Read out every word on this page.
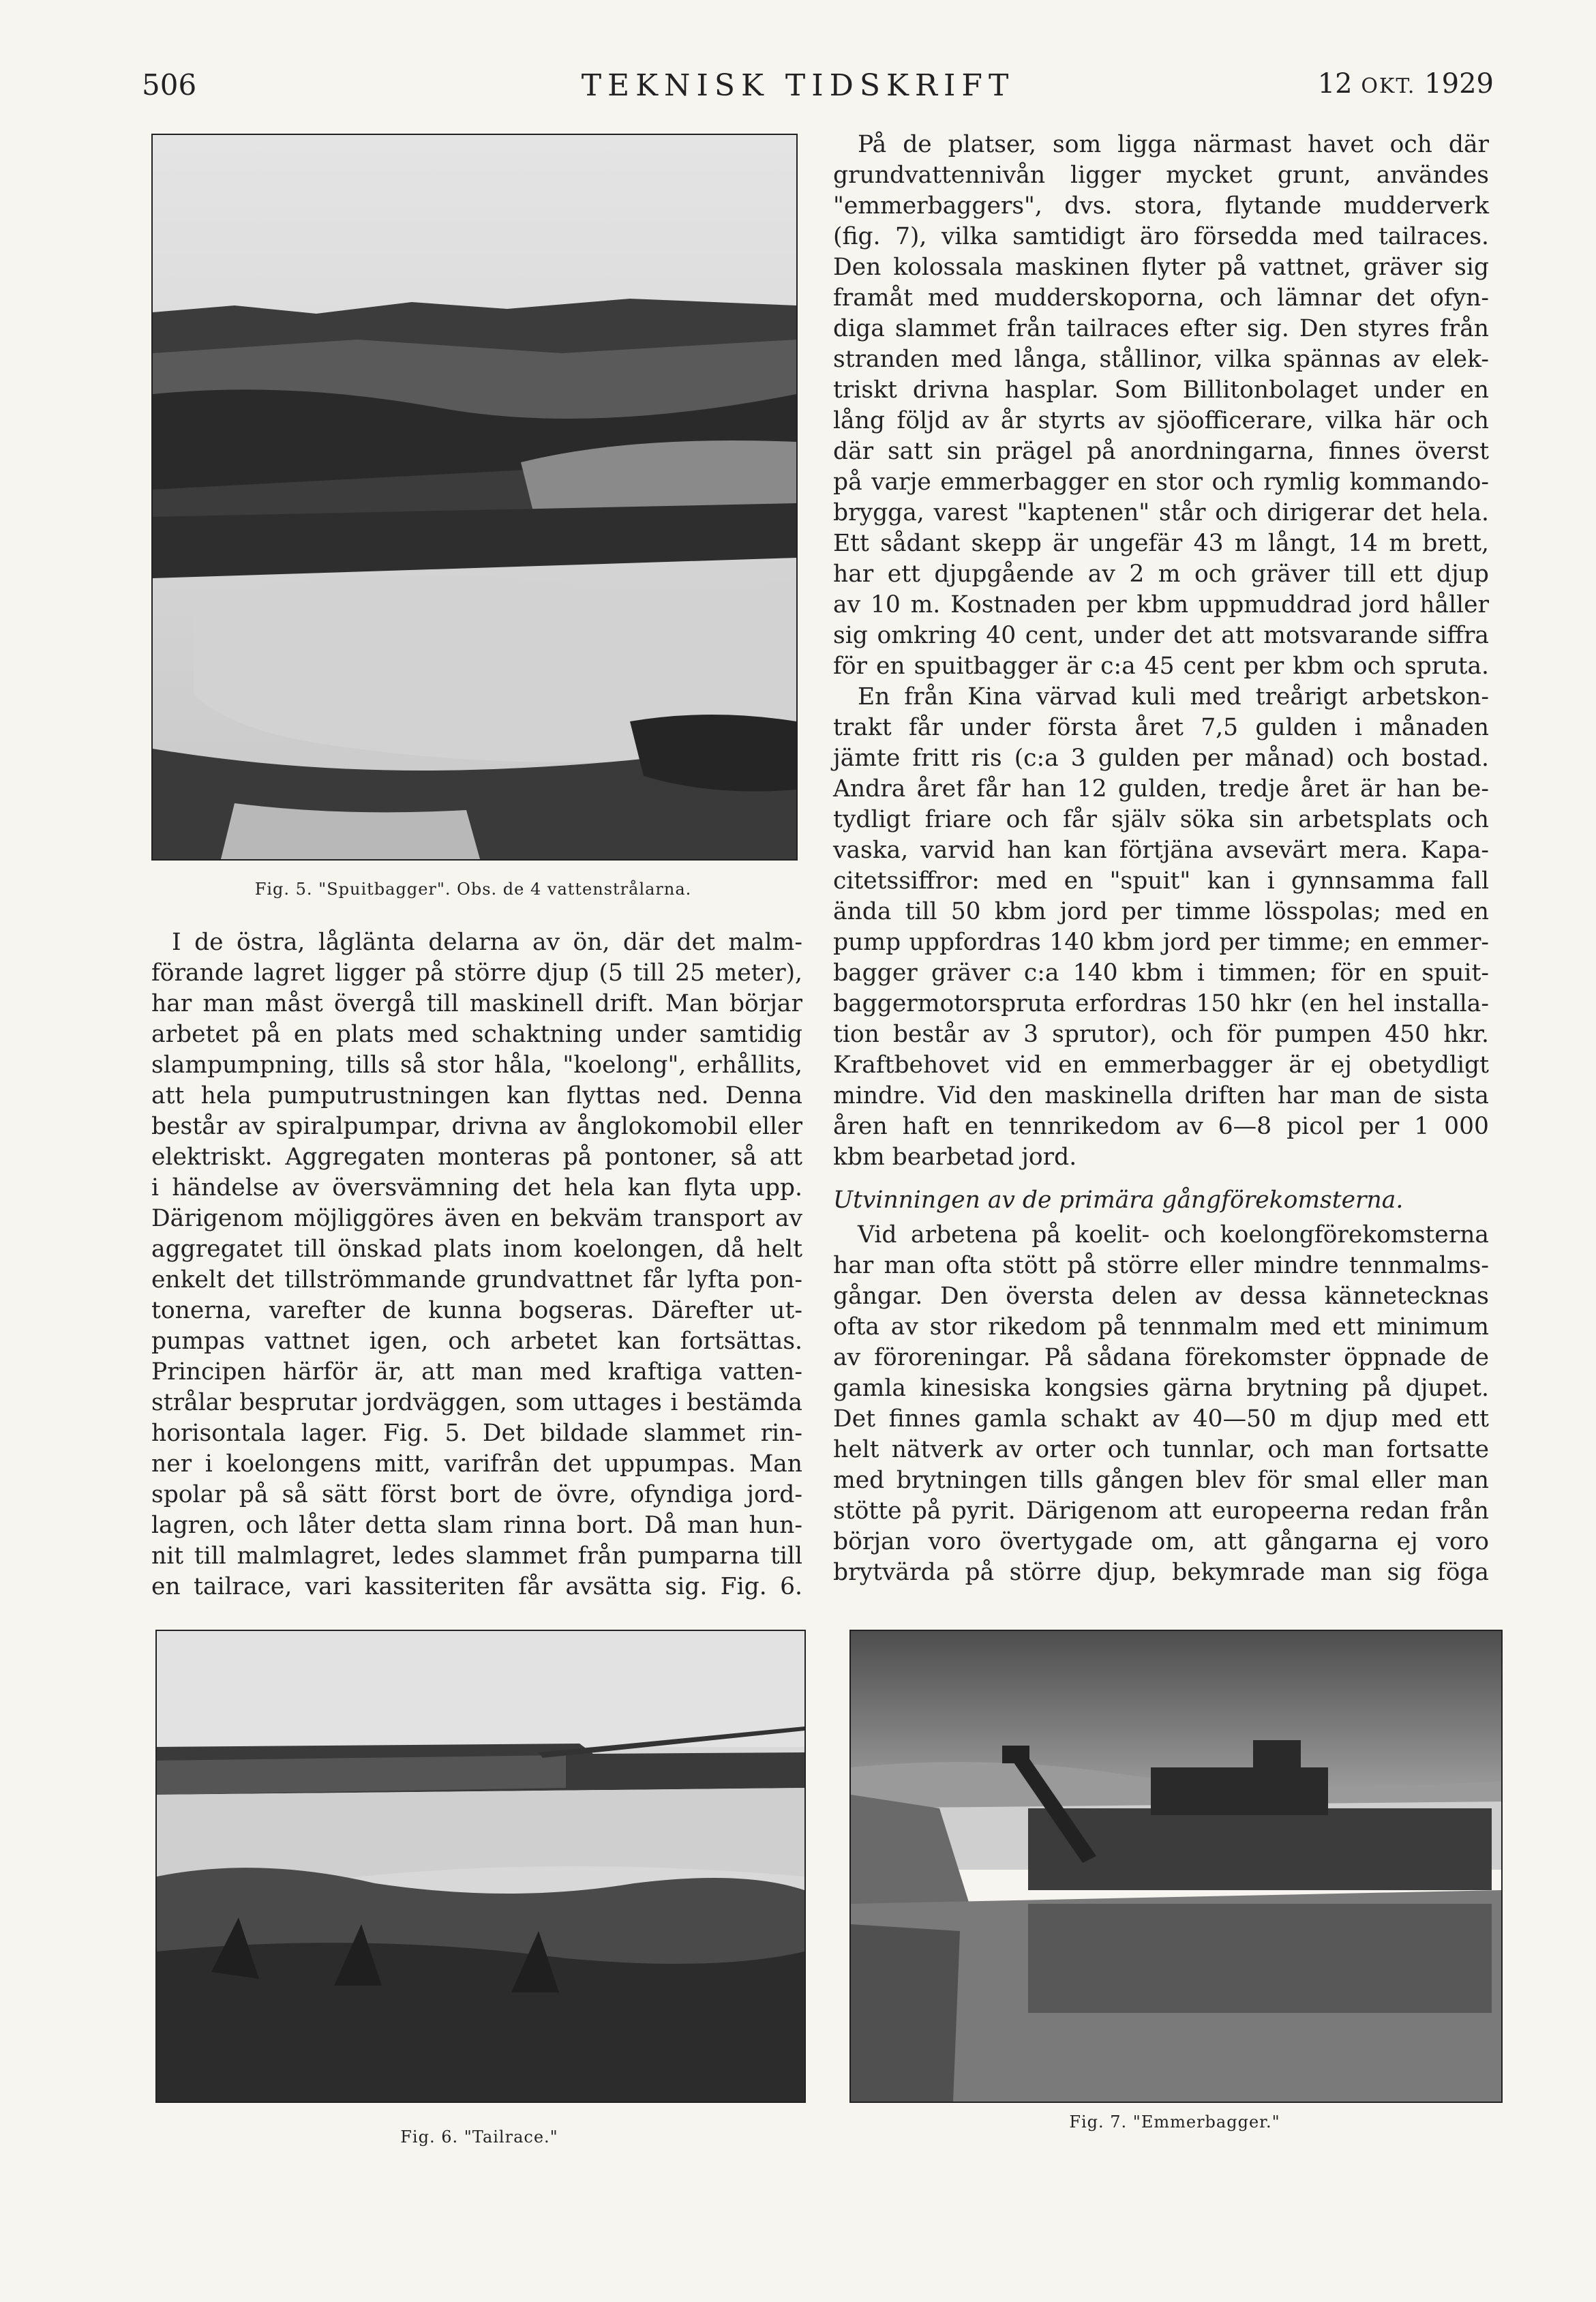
506	TEKNISK TIDSKRIFT	12 OKT. 1929
Fig. 5. "Spuitbagger". Obs. de 4 vattenstrålarna.
I de östra, låglänta delarna av ön, där det malm-
förande lagret ligger på större djup (5 till 25 meter),
har man måst övergå till maskinell drift. Man börjar
arbetet på en plats med schaktning under samtidig
slampumpning, tills så stor håla, "koelong", erhållits,
att hela pumputrustningen kan flyttas ned. Denna
består av spiralpumpar, drivna av ånglokomobil eller
elektriskt. Aggregaten monteras på pontoner, så att
i händelse av översvämning det hela kan flyta upp.
Därigenom möjliggöres även en bekväm transport av
aggregatet till önskad plats inom koelongen, då helt
enkelt det tillströmmande grundvattnet får lyfta pon-
tonerna, varefter de kunna bogseras. Därefter ut-
pumpas vattnet igen, och arbetet kan fortsättas.
Principen härför är, att man med kraftiga vatten-
strålar besprutar jordväggen, som uttages i bestämda
horisontala lager. Fig. 5. Det bildade slammet rin-
ner i koelongens mitt, varifrån det uppumpas. Man
spolar på så sätt först bort de övre, ofyndiga jord-
lagren, och låter detta slam rinna bort. Då man hun-
nit till malmlagret, ledes slammet från pumparna till
en tailrace, vari kassiteriten får avsätta sig. Fig. 6.
På de platser, som ligga närmast havet och där
grundvattennivån ligger mycket grunt, användes
"emmerbaggers", dvs. stora, flytande mudderverk
(fig. 7), vilka samtidigt äro försedda med tailraces.
Den kolossala maskinen flyter på vattnet, gräver sig
framåt med mudderskoporna, och lämnar det ofyn-
diga slammet från tailraces efter sig. Den styres från
stranden med långa, stållinor, vilka spännas av elek-
triskt drivna hasplar. Som Billitonbolaget under en
lång följd av år styrts av sjöofficerare, vilka här och
där satt sin prägel på anordningarna, finnes överst
på varje emmerbagger en stor och rymlig kommando-
brygga, varest "kaptenen" står och dirigerar det hela.
Ett sådant skepp är ungefär 43 m långt, 14 m brett,
har ett djupgående av 2 m och gräver till ett djup
av 10 m. Kostnaden per kbm uppmuddrad jord håller
sig omkring 40 cent, under det att motsvarande siffra
för en spuitbagger är c:a 45 cent per kbm och spruta.
En från Kina värvad kuli med treårigt arbetskon-
trakt får under första året 7,5 gulden i månaden
jämte fritt ris (c:a 3 gulden per månad) och bostad.
Andra året får han 12 gulden, tredje året är han be-
tydligt friare och får själv söka sin arbetsplats och
vaska, varvid han kan förtjäna avsevärt mera. Kapa-
citetssiffror: med en "spuit" kan i gynnsamma fall
ända till 50 kbm jord per timme lösspolas; med en
pump uppfordras 140 kbm jord per timme; en emmer-
bagger gräver c:a 140 kbm i timmen; för en spuit-
baggermotorspruta erfordras 150 hkr (en hel installa-
tion består av 3 sprutor), och för pumpen 450 hkr.
Kraftbehovet vid en emmerbagger är ej obetydligt
mindre. Vid den maskinella driften har man de sista
åren haft en tennrikedom av 6—8 picol per 1 000
kbm bearbetad jord.
Utvinningen av de primära gångförekomsterna.
Vid arbetena på koelit- och koelongförekomsterna
har man ofta stött på större eller mindre tennmalms-
gångar. Den översta delen av dessa kännetecknas
ofta av stor rikedom på tennmalm med ett minimum
av föroreningar. På sådana förekomster öppnade de
gamla kinesiska kongsies gärna brytning på djupet.
Det finnes gamla schakt av 40—50 m djup med ett
helt nätverk av orter och tunnlar, och man fortsatte
med brytningen tills gången blev för smal eller man
stötte på pyrit. Därigenom att europeerna redan från
början voro övertygade om, att gångarna ej voro
brytvärda på större djup, bekymrade man sig föga
Fig. 6. "Tailrace."
Fig. 7. "Emmerbagger."
